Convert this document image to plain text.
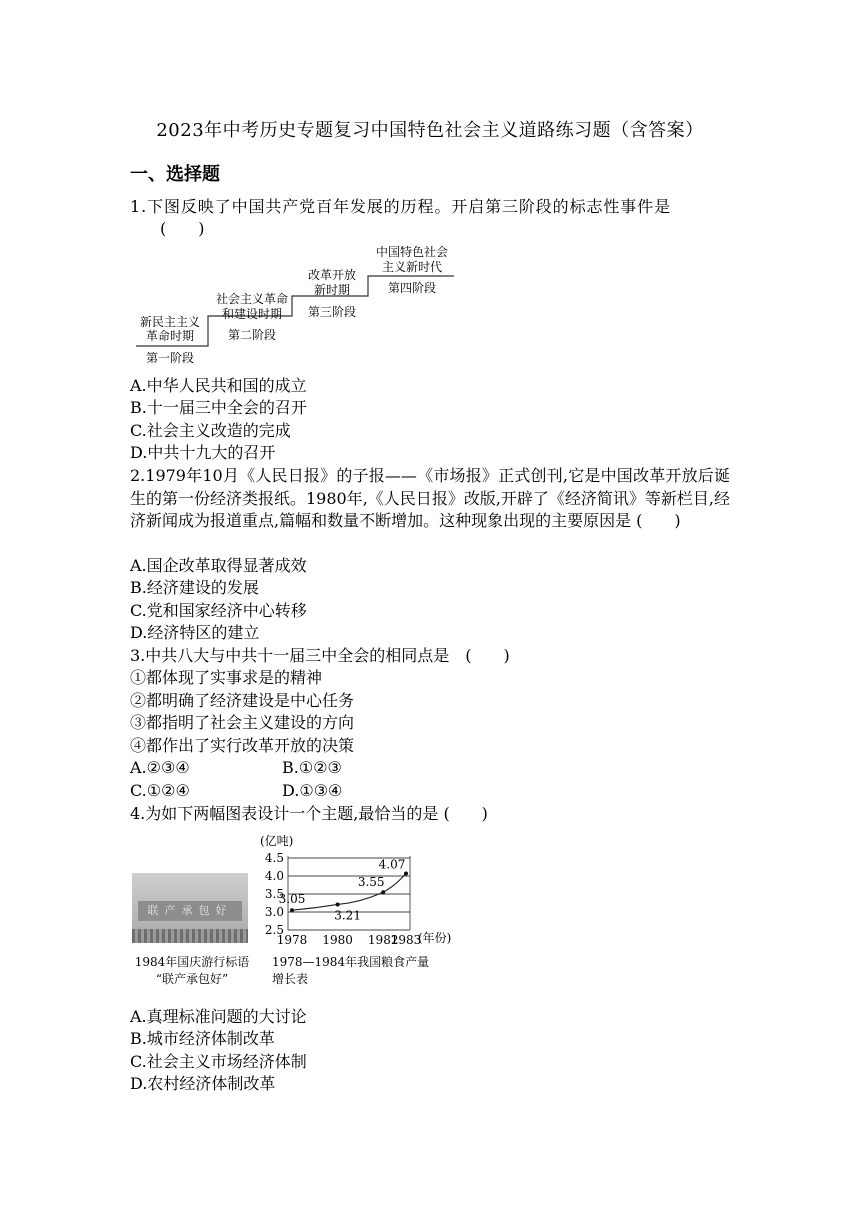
2023年中考历史专题复习中国特色社会主义道路练习题（含答案）
一、选择题
1.下图反映了中国共产党百年发展的历程。开启第三阶段的标志性事件是
(　　)
新民主主义
革命时期
第一阶段
社会主义革命
和建设时期
第二阶段
改革开放
新时期
第三阶段
中国特色社会
主义新时代
第四阶段
A.中华人民共和国的成立
B.十一届三中全会的召开
C.社会主义改造的完成
D.中共十九大的召开
2.1979年10月《人民日报》的子报——《市场报》正式创刊,它是中国改革开放后诞生的第一份经济类报纸。1980年,《人民日报》改版,开辟了《经济简讯》等新栏目,经济新闻成为报道重点,篇幅和数量不断增加。这种现象出现的主要原因是 (　　)
A.国企改革取得显著成效
B.经济建设的发展
C.党和国家经济中心转移
D.经济特区的建立
3.中共八大与中共十一届三中全会的相同点是　(　　)
①都体现了实事求是的精神
②都明确了经济建设是中心任务
③都指明了社会主义建设的方向
④都作出了实行改革开放的决策
A.②③④	B.①②③
C.①②④	D.①③④
4.为如下两幅图表设计一个主题,最恰当的是 (　　)
联产承包好
1984年国庆游行标语
“联产承包好”
4.5
4.0
3.5
3.0
2.5
1978 1980 1982
1983
3.05
3.21
3.55
4.07
(亿吨)
(年份)
1978—1984年我国粮食产量
增长表
A.真理标准问题的大讨论
B.城市经济体制改革
C.社会主义市场经济体制
D.农村经济体制改革
